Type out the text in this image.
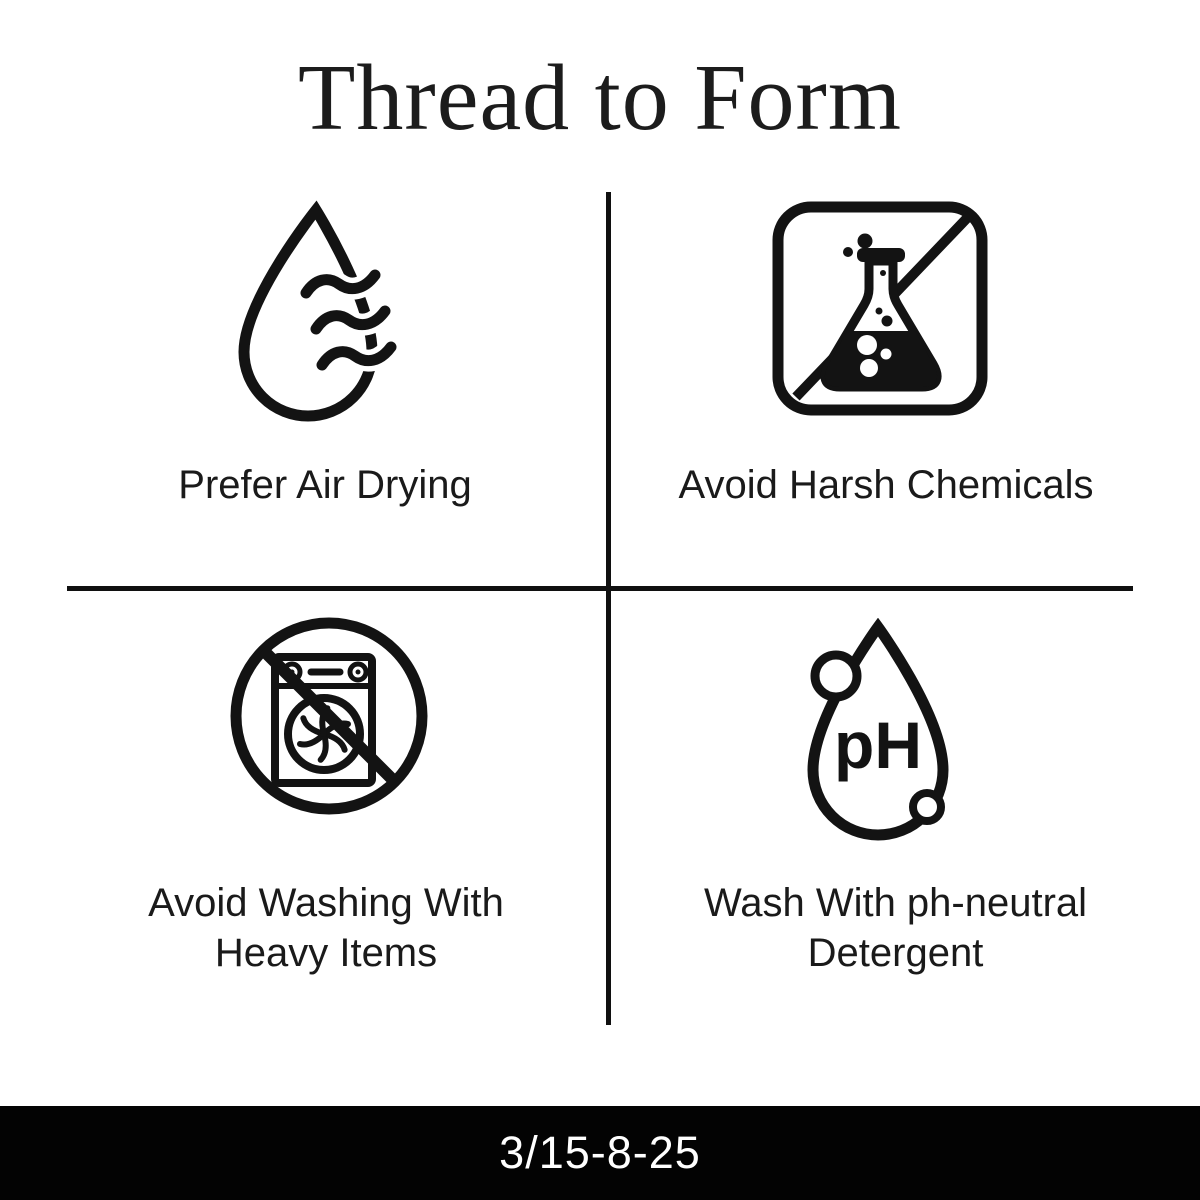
Thread to Form
Prefer Air Drying	Avoid Harsh Chemicals
Avoid Washing With
Heavy Items
pH
Wash With ph-neutral
Detergent
3/15-8-25
